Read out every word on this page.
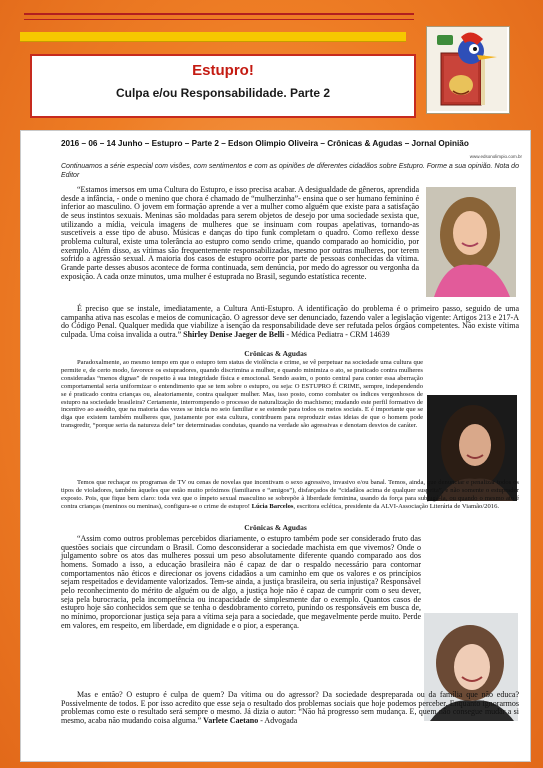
Estupro!
Culpa e/ou Responsabilidade. Parte 2
2016 – 06 – 14 Junho – Estupro – Parte 2 – Edson Olimpio Oliveira – Crônicas & Agudas – Jornal Opinião
www.edsonolimpio.com.br
Continuamos a série especial com visões, com sentimentos e com as opiniões de diferentes cidadãos sobre Estupro. Forme a sua opinião. Nota do Editor

“Estamos imersos em uma Cultura do Estupro, e isso precisa acabar. A desigualdade de gêneros, aprendida desde a infância, - onde o menino que chora é chamado de “mulherzinha”- ensina que o ser humano feminino é inferior ao masculino. O jovem em formação aprende a ver a mulher como alguém que existe para a satisfação de seus instintos sexuais. Meninas são moldadas para serem objetos de desejo por uma sociedade sexista que, utilizando a mídia, veicula imagens de mulheres que se insinuam com roupas apelativas, tornando-as suscetíveis a esse tipo de abuso. Músicas e danças do tipo funk completam o quadro. Como reflexo desse problema cultural, existe uma tolerância ao estupro como sendo crime, quando comparado ao homicídio, por exemplo. Além disso, as vítimas são frequentemente responsabilizadas, mesmo por outras mulheres, por terem sofrido a agressão sexual. A maioria dos casos de estupro ocorre por parte de pessoas conhecidas da vítima. Grande parte desses abusos acontece de forma continuada, sem denúncia, por medo do agressor ou vergonha da exposição. A cada onze minutos, uma mulher é estuprada no Brasil, segundo estatística recente.

É preciso que se instale, imediatamente, a Cultura Anti-Estupro. A identificação do problema é o primeiro passo, seguido de uma campanha ativa nas escolas e meios de comunicação. O agressor deve ser denunciado, fazendo valer a legislação vigente: Artigos 213 e 217-A do Código Penal. Qualquer medida que viabilize a isenção da responsabilidade deve ser refutada pelos órgãos competentes. Não existe vítima culpada. Uma coisa invalida a outra.” Shirley Denise Jaeger de Belli - Médica Pediatra - CRM 14639

Crônicas & Agudas

Paradoxalmente, ao mesmo tempo em que o estupro tem status de violência e crime, se vê perpetuar na sociedade uma cultura que permite e, de certo modo, favorece os estupradores, quando discrimina a mulher, e quando minimiza o ato, se praticado contra mulheres consideradas “menos dignas” de respeito à sua integridade física e emocional. Sendo assim, o ponto central para conter essa aberração comportamental seria uniformizar o entendimento que se tem sobre o estupro, ou seja: O ESTUPRO É CRIME, sempre, independendo se é praticado contra crianças ou, aleatoriamente, contra qualquer mulher. Mas, isso posto, como combater os índices vergonhosos de estupro na sociedade brasileira? Certamente, interrompendo o processo de naturalização do machismo; mudando este perfil formativo de incentivo ao assédio, que na maioria das vezes se inicia no seio familiar e se estende para todos os meios sociais. E é importante que se diga que existem também mulheres que, justamente por esta cultura, contribuem para reproduzir estas ideias de que o homem pode transgredir, “porque seria da natureza dele” ter determinadas condutas, quando na verdade são agressivas e denotam desvios de caráter.

Temos que rechaçar os programas de TV ou cenas de novelas que incentivam o sexo agressivo, invasivo e/ou banal. Temos, ainda, que denunciar e penalizar todos os tipos de violadores, também àqueles que estão muito próximos (familiares e “amigos”), disfarçados de “cidadãos acima de qualquer suspeita”, e não somente o estuprador exposto. Pois, que fique bem claro: toda vez que o ímpeto sexual masculino se sobrepõe à liberdade feminina, usando da força para subjugá-la, ou quando o mesmo ato é contra crianças (meninos ou meninas), configura-se o crime de estupro! Lúcia Barcelos, escritora eclética, presidente da ALVI-Associação Literária de Viamão/2016.

Crônicas & Agudas

“Assim como outros problemas percebidos diariamente, o estupro também pode ser considerado fruto das questões sociais que circundam o Brasil. Como desconsiderar a sociedade machista em que vivemos? Onde o julgamento sobre os atos das mulheres possui um peso absolutamente diferente quando comparado aos dos homens. Somado a isso, a educação brasileira não é capaz de dar o respaldo necessário para contornar comportamentos não éticos e direcionar os jovens cidadãos a um caminho em que os valores e os princípios sejam respeitados e devidamente valorizados. Tem-se ainda, a justiça brasileira, ou seria injustiça? Responsável pelo reconhecimento do mérito de alguém ou de algo, a justiça hoje não é capaz de cumprir com o seu dever, seja pela burocracia, pela incompetência ou incapacidade de simplesmente dar o exemplo. Quantos casos de estupro hoje são conhecidos sem que se tenha o desdobramento correto, punindo os responsáveis em busca de, no mínimo, proporcionar justiça seja para a vítima seja para a sociedade, que megavelmente perde muito. Perde em valores, em respeito, em liberdade, em dignidade e o pior, a esperança.

Mas e então? O estupro é culpa de quem? Da vítima ou do agressor? Da sociedade despreparada ou da família que não educa? Possivelmente de todos. E por isso acredito que esse seja o resultado dos problemas sociais que hoje podemos perceber. Enquanto ignorarmos problemas como este o resultado será sempre o mesmo. Já dizia o autor: “Não há progresso sem mudança. E, quem não consegue mudar a si mesmo, acaba não mudando coisa alguma.” Varlete Caetano - Advogada
